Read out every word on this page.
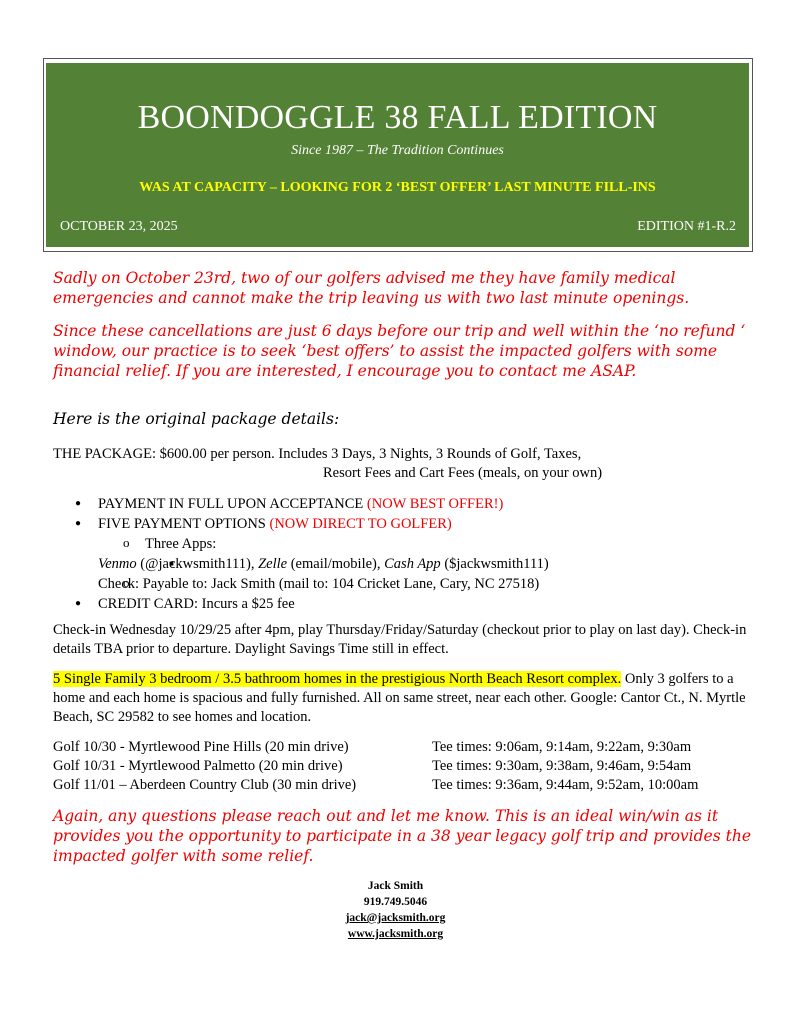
BOONDOGGLE 38 FALL EDITION
Since 1987 – The Tradition Continues
WAS AT CAPACITY – LOOKING FOR 2 ‘BEST OFFER’ LAST MINUTE FILL-INS
OCTOBER 23, 2025	EDITION #1-R.2
Sadly on October 23rd, two of our golfers advised me they have family medical emergencies and cannot make the trip leaving us with two last minute openings.
Since these cancellations are just 6 days before our trip and well within the ‘no refund ‘ window, our practice is to seek ‘best offers’ to assist the impacted golfers with some financial relief. If you are interested, I encourage you to contact me ASAP.
Here is the original package details:
THE PACKAGE: $600.00 per person. Includes 3 Days, 3 Nights, 3 Rounds of Golf, Taxes,
Resort Fees and Cart Fees (meals, on your own)
● PAYMENT IN FULL UPON ACCEPTANCE (NOW BEST OFFER!)
● FIVE PAYMENT OPTIONS (NOW DIRECT TO GOLFER)
o Three Apps:
■ Venmo (@jackwsmith111), Zelle (email/mobile), Cash App ($jackwsmith111)
o Check: Payable to: Jack Smith (mail to: 104 Cricket Lane, Cary, NC 27518)
● CREDIT CARD: Incurs a $25 fee
Check-in Wednesday 10/29/25 after 4pm, play Thursday/Friday/Saturday (checkout prior to play on last day). Check-in details TBA prior to departure. Daylight Savings Time still in effect.
5 Single Family 3 bedroom / 3.5 bathroom homes in the prestigious North Beach Resort complex. Only 3 golfers to a home and each home is spacious and fully furnished. All on same street, near each other. Google: Cantor Ct., N. Myrtle Beach, SC 29582 to see homes and location.
Golf 10/30 - Myrtlewood Pine Hills (20 min drive)	Tee times: 9:06am, 9:14am, 9:22am, 9:30am
Golf 10/31 - Myrtlewood Palmetto (20 min drive)	Tee times: 9:30am, 9:38am, 9:46am, 9:54am
Golf 11/01 – Aberdeen Country Club (30 min drive)	Tee times: 9:36am, 9:44am, 9:52am, 10:00am
Again, any questions please reach out and let me know. This is an ideal win/win as it provides you the opportunity to participate in a 38 year legacy golf trip and provides the impacted golfer with some relief.
Jack Smith
919.749.5046
jack@jacksmith.org
www.jacksmith.org
